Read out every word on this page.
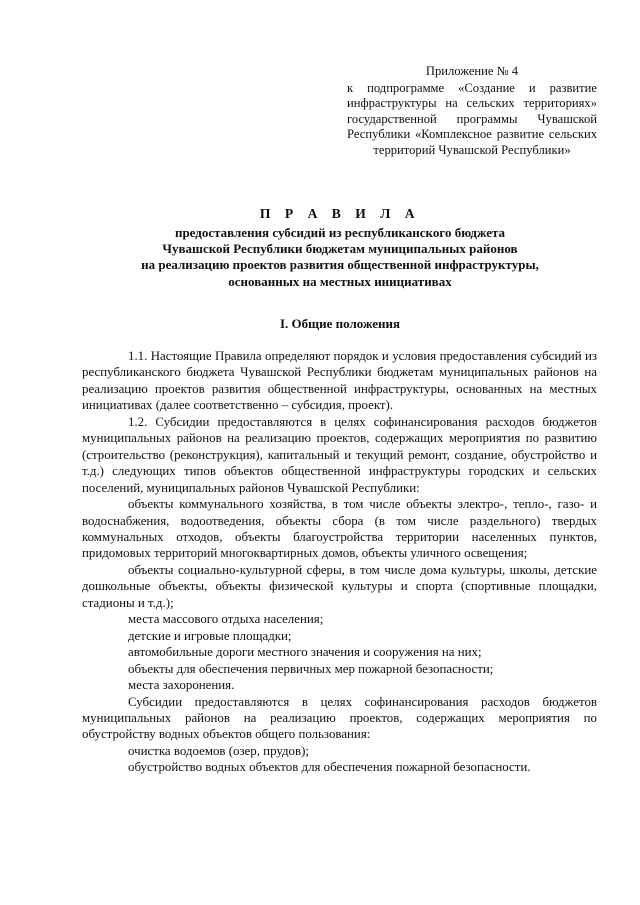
Приложение № 4

к подпрограмме «Создание и развитие инфраструктуры на сельских территориях» государственной программы Чувашской Республики «Комплексное развитие сельских территорий Чувашской Республики»

П Р А В И Л А

предоставления субсидий из республиканского бюджета
Чувашской Республики бюджетам муниципальных районов
на реализацию проектов развития общественной инфраструктуры,
основанных на местных инициативах

I. Общие положения

1.1. Настоящие Правила определяют порядок и условия предоставления субсидий из республиканского бюджета Чувашской Республики бюджетам муниципальных районов на реализацию проектов развития общественной инфраструктуры, основанных на местных инициативах (далее соответственно – субсидия, проект).

1.2. Субсидии предоставляются в целях софинансирования расходов бюджетов муниципальных районов на реализацию проектов, содержащих мероприятия по развитию (строительство (реконструкция), капитальный и текущий ремонт, создание, обустройство и т.д.) следующих типов объектов общественной инфраструктуры городских и сельских поселений, муниципальных районов Чувашской Республики:

объекты коммунального хозяйства, в том числе объекты электро-, тепло-, газо- и водоснабжения, водоотведения, объекты сбора (в том числе раздельного) твердых коммунальных отходов, объекты благоустройства территории населенных пунктов, придомовых территорий многоквартирных домов, объекты уличного освещения;

объекты социально-культурной сферы, в том числе дома культуры, школы, детские дошкольные объекты, объекты физической культуры и спорта (спортивные площадки, стадионы и т.д.);

места массового отдыха населения;

детские и игровые площадки;

автомобильные дороги местного значения и сооружения на них;

объекты для обеспечения первичных мер пожарной безопасности;

места захоронения.

Субсидии предоставляются в целях софинансирования расходов бюджетов муниципальных районов на реализацию проектов, содержащих мероприятия по обустройству водных объектов общего пользования:

очистка водоемов (озер, прудов);

обустройство водных объектов для обеспечения пожарной безопасности.
